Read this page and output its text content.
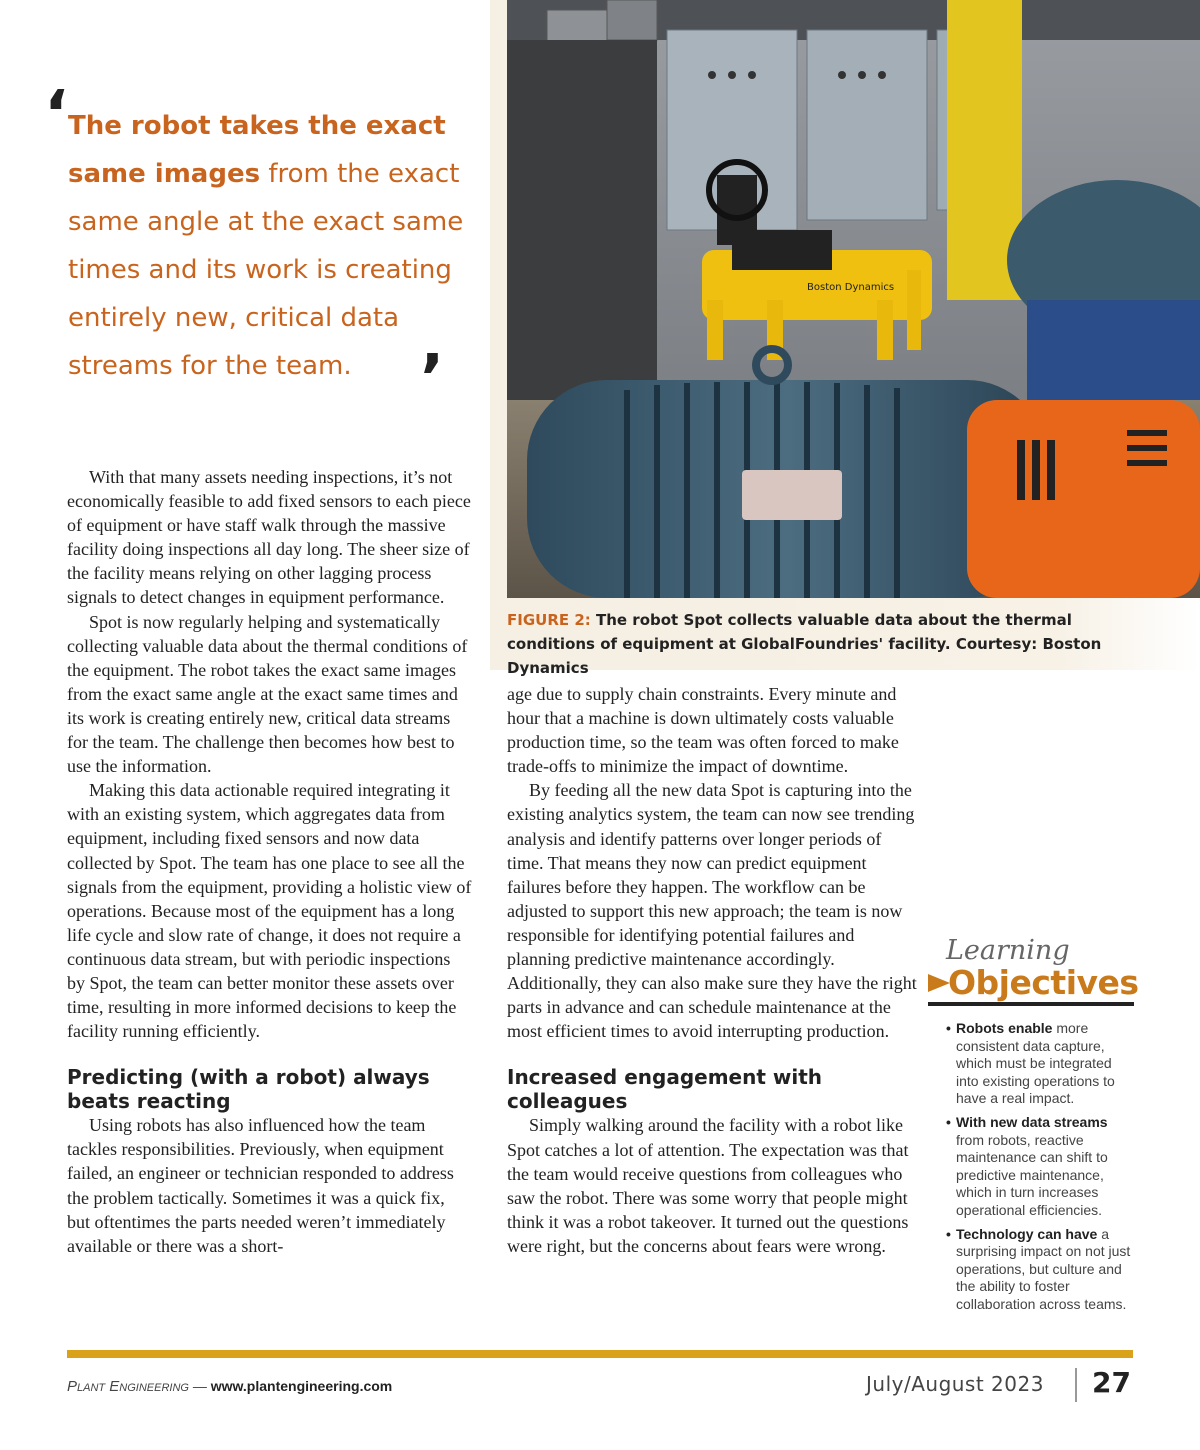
Boston Dynamics
FIGURE 2: The robot Spot collects valuable data about the thermal conditions of equipment at GlobalFoundries' facility. Courtesy: Boston Dynamics
‘ The robot takes the exact same images from the exact same angle at the exact same times and its work is creating entirely new, critical data streams for the team.	’

With that many assets needing inspections, it’s not economically feasible to add fixed sensors to each piece of equipment or have staff walk through the massive facility doing inspections all day long. The sheer size of the facility means relying on other lagging process signals to detect changes in equipment performance.

Spot is now regularly helping and systematically collecting valuable data about the thermal conditions of the equipment. The robot takes the exact same images from the exact same angle at the exact same times and its work is creating entirely new, critical data streams for the team. The challenge then becomes how best to use the information.

Making this data actionable required integrating it with an existing system, which aggregates data from equipment, including fixed sensors and now data collected by Spot. The team has one place to see all the signals from the equipment, providing a holistic view of operations. Because most of the equipment has a long life cycle and slow rate of change, it does not require a continuous data stream, but with periodic inspections by Spot, the team can better monitor these assets over time, resulting in more informed decisions to keep the facility running efficiently.

Predicting (with a robot) always beats reacting

Using robots has also influenced how the team tackles responsibilities. Previously, when equipment failed, an engineer or technician responded to address the problem tactically. Sometimes it was a quick fix, but oftentimes the parts needed weren’t immediately available or there was a short-

age due to supply chain constraints. Every minute and hour that a machine is down ultimately costs valuable production time, so the team was often forced to make trade-offs to minimize the impact of downtime.

By feeding all the new data Spot is capturing into the existing analytics system, the team can now see trending analysis and identify patterns over longer periods of time. That means they now can predict equipment failures before they happen. The workflow can be adjusted to support this new approach; the team is now responsible for identifying potential failures and planning predictive maintenance accordingly. Additionally, they can also make sure they have the right parts in advance and can schedule maintenance at the most efficient times to avoid interrupting production.

Increased engagement with colleagues

Simply walking around the facility with a robot like Spot catches a lot of attention. The expectation was that the team would receive questions from colleagues who saw the robot. There was some worry that people might think it was a robot takeover. It turned out the questions were right, but the concerns about fears were wrong.

Learning
Objectives
• Robots enable more consistent data capture, which must be integrated into existing operations to have a real impact.
• With new data streams from robots, reactive maintenance can shift to predictive maintenance, which in turn increases operational efficiencies.
• Technology can have a surprising impact on not just operations, but culture and the ability to foster collaboration across teams.
Plant Engineering — www.plantengineering.com	July/August 2023	27
